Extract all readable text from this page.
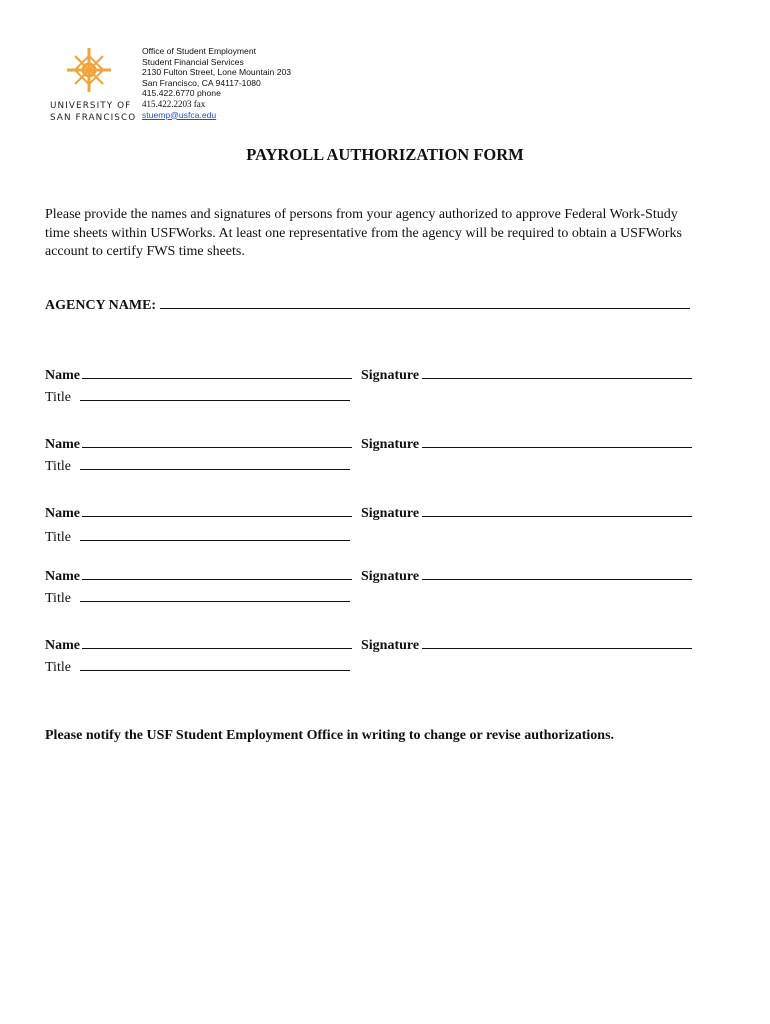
UNIVERSITY OF
SAN FRANCISCO
Office of Student Employment
Student Financial Services
2130 Fulton Street, Lone Mountain 203
San Francisco, CA 94117-1080
415.422.6770 phone
415.422.2203 fax
stuemp@usfca.edu
PAYROLL AUTHORIZATION FORM
Please provide the names and signatures of persons from your agency authorized to approve Federal Work-Study time sheets within USFWorks. At least one representative from the agency will be required to obtain a USFWorks account to certify FWS time sheets.
AGENCY NAME:
Name	Signature
Title
Name	Signature
Title
Name	Signature
Title
Name	Signature
Title
Name	Signature
Title
Please notify the USF Student Employment Office in writing to change or revise authorizations.
